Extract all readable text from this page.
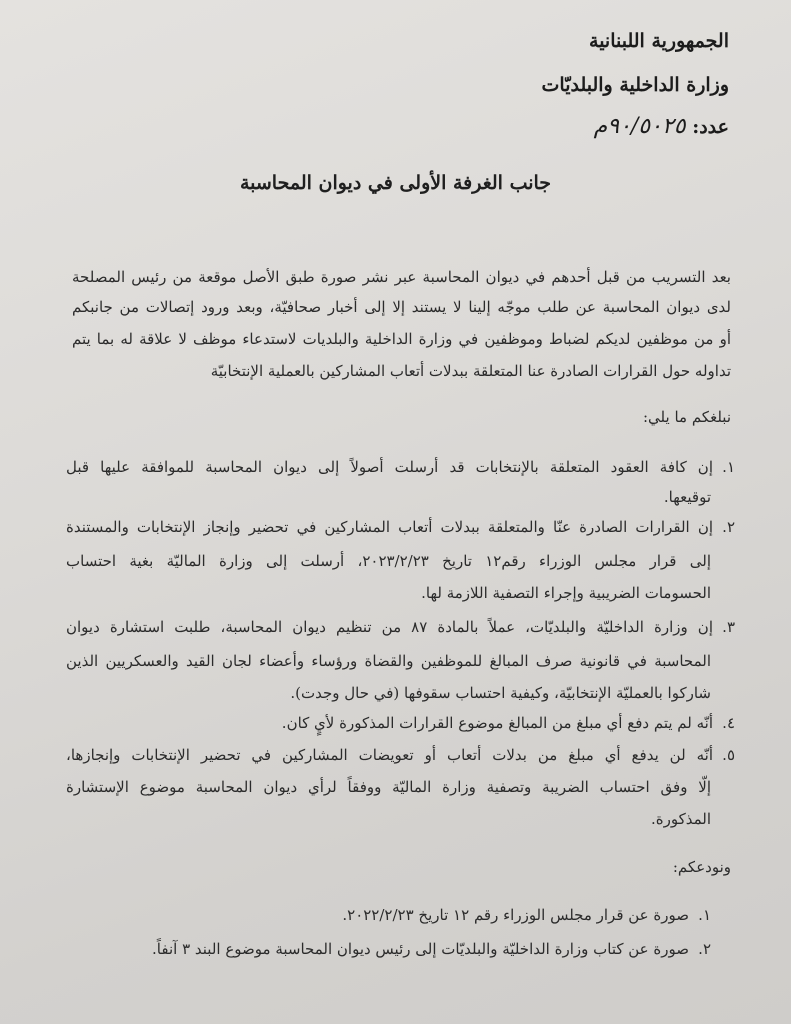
الجمهورية اللبنانية
وزارة الداخلية والبلديّات
عدد: ٩٠/٥٠٢٥م
جانب الغرفة الأولى في ديوان المحاسبة
بعد التسريب من قبل أحدهم في ديوان المحاسبة عبر نشر صورة طبق الأصل موقعة من رئيس المصلحة
لدى ديوان المحاسبة عن طلب موجّه إلينا لا يستند إلا إلى أخبار صحافيّة، وبعد ورود إتصالات من جانبكم
أو من موظفين لديكم لضباط وموظفين في وزارة الداخلية والبلديات لاستدعاء موظف لا علاقة له بما يتم
تداوله حول القرارات الصادرة عنا المتعلقة ببدلات أتعاب المشاركين بالعملية الإنتخابيّة
نبلغكم ما يلي:
١.
إن كافة العقود المتعلقة بالإنتخابات قد أرسلت أصولاً إلى ديوان المحاسبة للموافقة عليها قبل
توقيعها.
٢.
إن القرارات الصادرة عنّا والمتعلقة ببدلات أتعاب المشاركين في تحضير وإنجاز الإنتخابات والمستندة
إلى قرار مجلس الوزراء رقم١٢ تاريخ ٢٠٢٣/٢/٢٣، أرسلت إلى وزارة الماليّة بغية احتساب
الحسومات الضريبية وإجراء التصفية اللازمة لها.
٣.
إن وزارة الداخليّة والبلديّات، عملاً بالمادة ٨٧ من تنظيم ديوان المحاسبة، طلبت استشارة ديوان
المحاسبة في قانونية صرف المبالغ للموظفين والقضاة ورؤساء وأعضاء لجان القيد والعسكريين الذين
شاركوا بالعمليّة الإنتخابيّة، وكيفية احتساب سقوفها (في حال وجدت).
٤.
أنّه لم يتم دفع أي مبلغ من المبالغ موضوع القرارات المذكورة لأيٍ كان.
٥.
أنّه لن يدفع أي مبلغ من بدلات أتعاب أو تعويضات المشاركين في تحضير الإنتخابات وإنجازها،
إلّا وفق احتساب الضريبة وتصفية وزارة الماليّة ووفقاً لرأي ديوان المحاسبة موضوع الإستشارة
المذكورة.
ونودعكم:
١.
صورة عن قرار مجلس الوزراء رقم ١٢ تاريخ ٢٠٢٢/٢/٢٣.
٢.
صورة عن كتاب وزارة الداخليّة والبلديّات إلى رئيس ديوان المحاسبة موضوع البند ٣ آنفاً.
